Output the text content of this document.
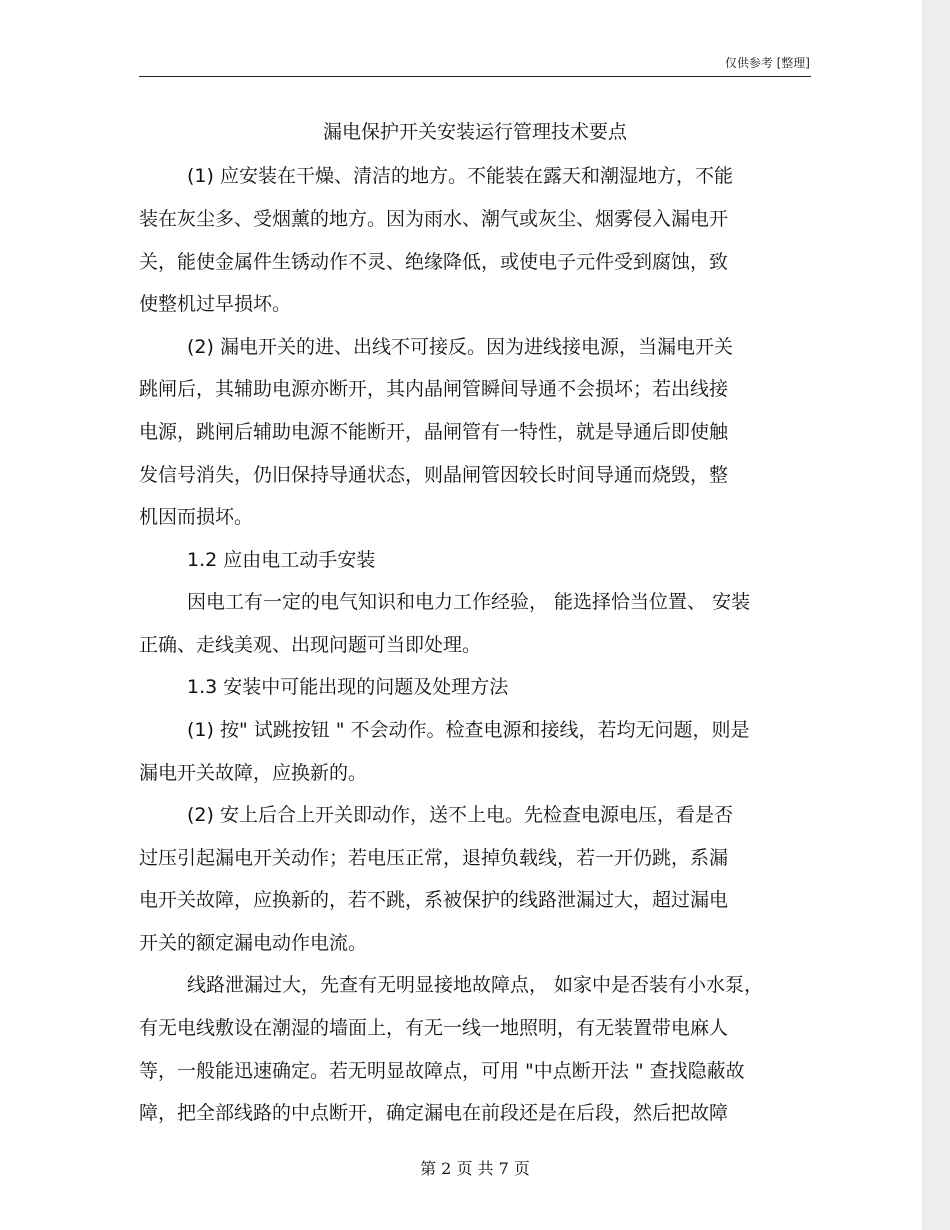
仅供参考 [整理]
漏电保护开关安装运行管理技术要点
(1) 应安装在干燥、清洁的地方。不能装在露天和潮湿地方，不能
装在灰尘多、受烟薰的地方。因为雨水、潮气或灰尘、烟雾侵入漏电开
关，能使金属件生锈动作不灵、绝缘降低，或使电子元件受到腐蚀，致
使整机过早损坏。
(2) 漏电开关的进、出线不可接反。因为进线接电源，当漏电开关
跳闸后，其辅助电源亦断开，其内晶闸管瞬间导通不会损坏；若出线接
电源，跳闸后辅助电源不能断开，晶闸管有一特性，就是导通后即使触
发信号消失，仍旧保持导通状态，则晶闸管因较长时间导通而烧毁，整
机因而损坏。
1.2 应由电工动手安装
因电工有一定的电气知识和电力工作经验， 能选择恰当位置、 安装
正确、走线美观、出现问题可当即处理。
1.3 安装中可能出现的问题及处理方法
(1) 按" 试跳按钮 " 不会动作。检查电源和接线，若均无问题，则是
漏电开关故障，应换新的。
(2) 安上后合上开关即动作，送不上电。先检查电源电压，看是否
过压引起漏电开关动作；若电压正常，退掉负载线，若一开仍跳，系漏
电开关故障，应换新的，若不跳，系被保护的线路泄漏过大，超过漏电
开关的额定漏电动作电流。
线路泄漏过大，先查有无明显接地故障点， 如家中是否装有小水泵，
有无电线敷设在潮湿的墙面上，有无一线一地照明，有无装置带电麻人
等，一般能迅速确定。若无明显故障点，可用 "中点断开法 " 查找隐蔽故
障，把全部线路的中点断开，确定漏电在前段还是在后段，然后把故障
第 2 页 共 7 页
